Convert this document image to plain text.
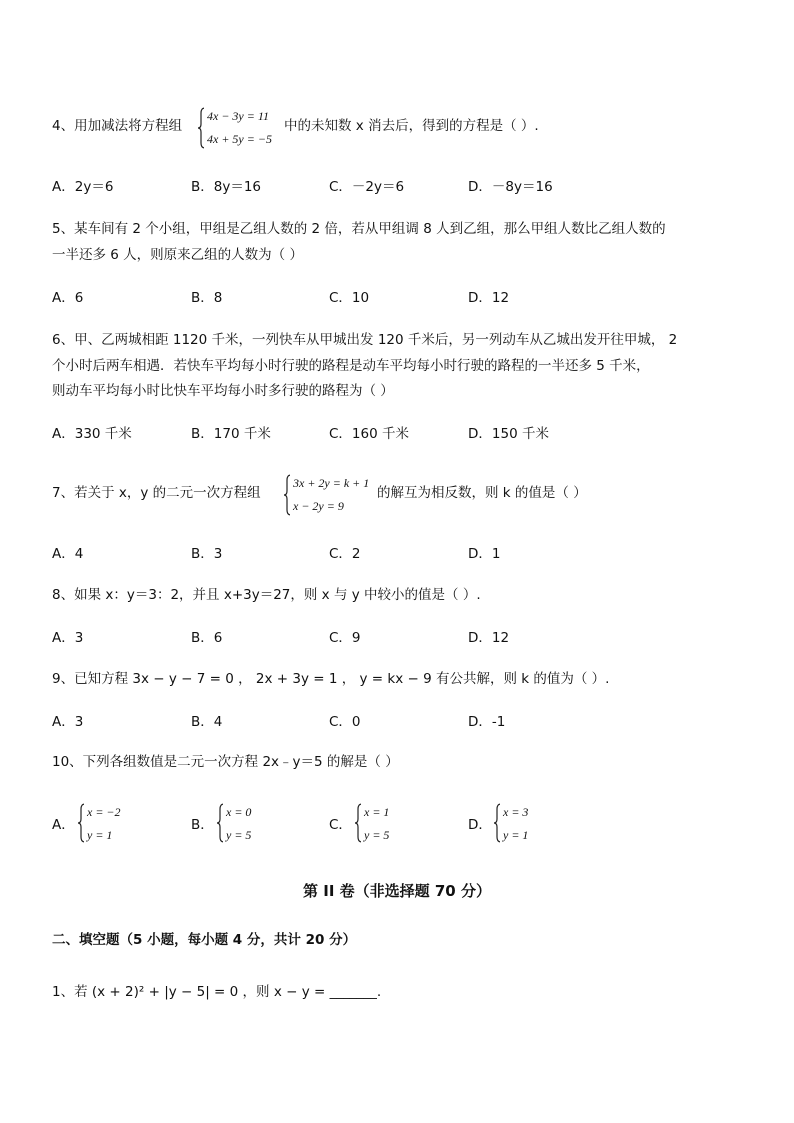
4、用加减法将方程组
4x − 3y = 11
4x + 5y = −5
中的未知数 x 消去后，得到的方程是（ ）.
A．2y＝6	B．8y＝16	C．－2y＝6	D．－8y＝16
5、某车间有 2 个小组，甲组是乙组人数的 2 倍，若从甲组调 8 人到乙组，那么甲组人数比乙组人数的
一半还多 6 人，则原来乙组的人数为（ ）
A．6	B．8	C．10	D．12
6、甲、乙两城相距 1120 千米，一列快车从甲城出发 120 千米后，另一列动车从乙城出发开往甲城， 2
个小时后两车相遇．若快车平均每小时行驶的路程是动车平均每小时行驶的路程的一半还多 5 千米，
则动车平均每小时比快车平均每小时多行驶的路程为（ ）
A．330 千米	B．170 千米	C．160 千米	D．150 千米
7、若关于 x，y 的二元一次方程组
3x + 2y = k + 1
x − 2y = 9
的解互为相反数，则 k 的值是（ ）
A．4	B．3	C．2	D．1
8、如果 x：y＝3：2，并且 x+3y＝27，则 x 与 y 中较小的值是（ ）.
A．3	B．6	C．9	D．12
9、已知方程 3x − y − 7 = 0 ， 2x + 3y = 1 ， y = kx − 9 有公共解，则 k 的值为（ ）.
A．3	B．4	C．0	D．-1
10、下列各组数值是二元一次方程 2x﹣y＝5 的解是（ ）
A．
x = −2
y = 1
B．
x = 0
y = 5
C．
x = 1
y = 5
D．
x = 3
y = 1
第 II 卷（非选择题 70 分）
二、填空题（5 小题，每小题 4 分，共计 20 分）
1、若 (x + 2)² + |y − 5| = 0 ，则 x − y = _______.
